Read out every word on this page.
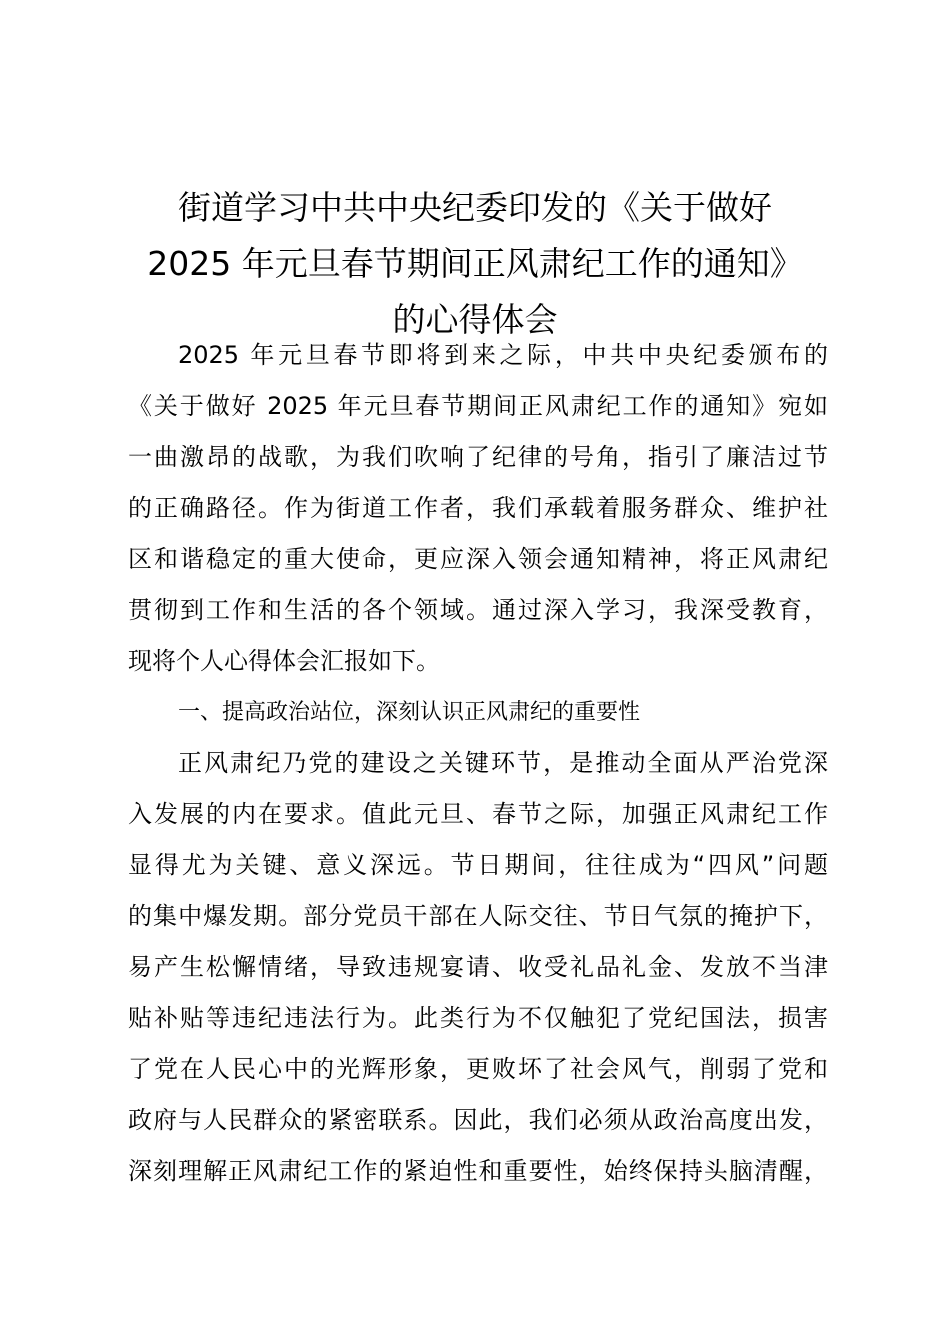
街道学习中共中央纪委印发的《关于做好
2025 年元旦春节期间正风肃纪工作的通知》
的心得体会
2025 年元旦春节即将到来之际，中共中央纪委颁布的
《关于做好 2025 年元旦春节期间正风肃纪工作的通知》宛如
一曲激昂的战歌，为我们吹响了纪律的号角，指引了廉洁过节
的正确路径。作为街道工作者，我们承载着服务群众、维护社
区和谐稳定的重大使命，更应深入领会通知精神，将正风肃纪
贯彻到工作和生活的各个领域。通过深入学习，我深受教育，
现将个人心得体会汇报如下。
一、提高政治站位，深刻认识正风肃纪的重要性
正风肃纪乃党的建设之关键环节，是推动全面从严治党深
入发展的内在要求。值此元旦、春节之际，加强正风肃纪工作
显得尤为关键、意义深远。节日期间，往往成为“四风”问题
的集中爆发期。部分党员干部在人际交往、节日气氛的掩护下，
易产生松懈情绪，导致违规宴请、收受礼品礼金、发放不当津
贴补贴等违纪违法行为。此类行为不仅触犯了党纪国法，损害
了党在人民心中的光辉形象，更败坏了社会风气，削弱了党和
政府与人民群众的紧密联系。因此，我们必须从政治高度出发，
深刻理解正风肃纪工作的紧迫性和重要性，始终保持头脑清醒，
